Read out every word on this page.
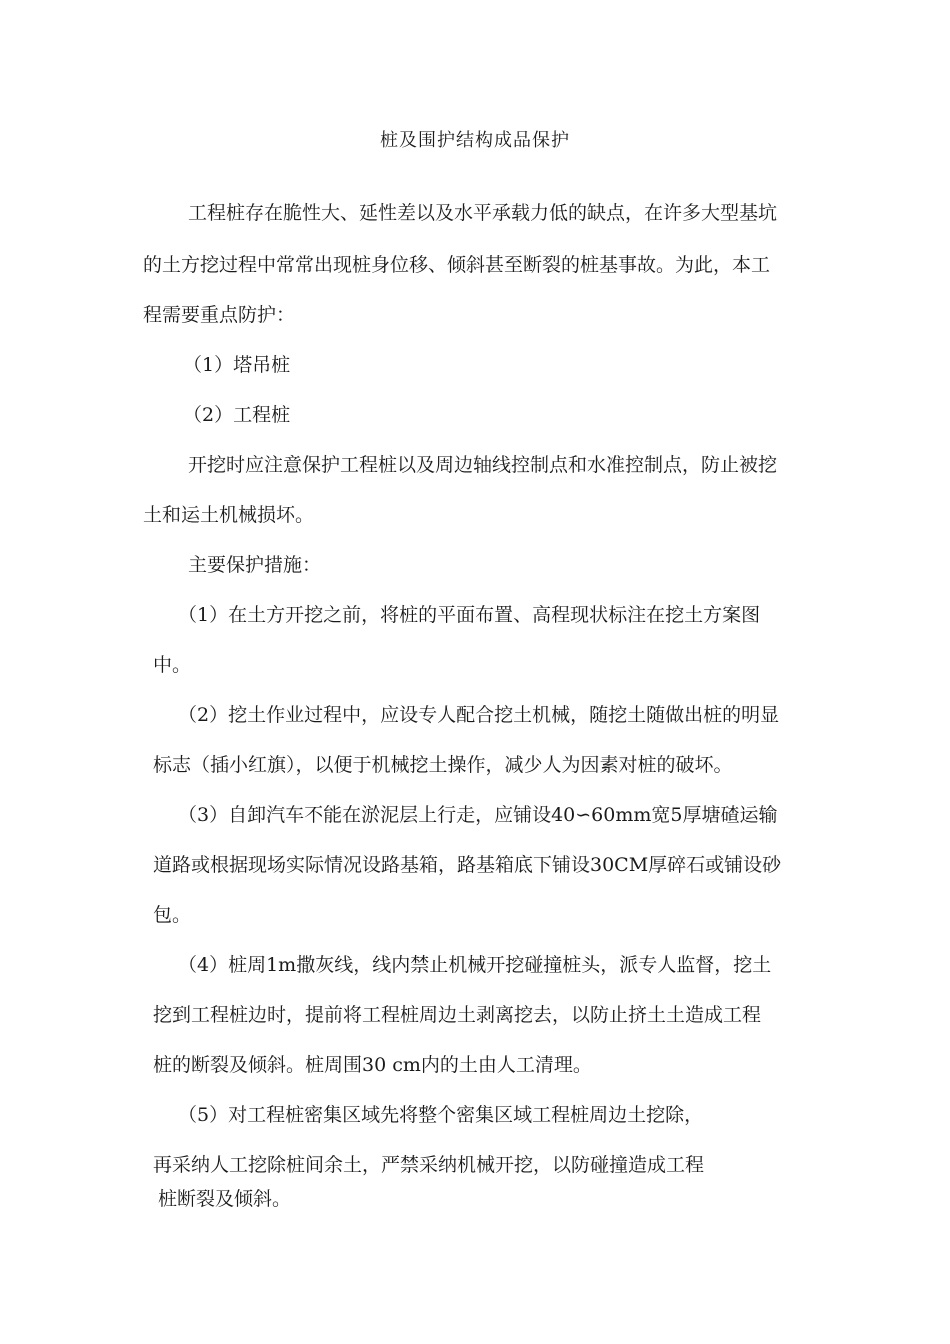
桩及围护结构成品保护
工程桩存在脆性大、延性差以及水平承载力低的缺点，在许多大型基坑
的土方挖过程中常常出现桩身位移、倾斜甚至断裂的桩基事故。为此，本工
程需要重点防护：
（1）塔吊桩
（2）工程桩
开挖时应注意保护工程桩以及周边轴线控制点和水准控制点，防止被挖
土和运土机械损坏。
主要保护措施：
（1）在土方开挖之前，将桩的平面布置、高程现状标注在挖土方案图
中。
（2）挖土作业过程中，应设专人配合挖土机械，随挖土随做出桩的明显
标志（插小红旗），以便于机械挖土操作，减少人为因素对桩的破坏。
（3）自卸汽车不能在淤泥层上行走，应铺设40∽60mm宽5厚塘碴运输
道路或根据现场实际情况设路基箱，路基箱底下铺设30CM厚碎石或铺设砂
包。
（4）桩周1m撒灰线，线内禁止机械开挖碰撞桩头，派专人监督，挖土
挖到工程桩边时，提前将工程桩周边土剥离挖去，以防止挤土土造成工程
桩的断裂及倾斜。桩周围30 cm内的土由人工清理。
（5）对工程桩密集区域先将整个密集区域工程桩周边土挖除，
再采纳人工挖除桩间余土，严禁采纳机械开挖，以防碰撞造成工程
桩断裂及倾斜。
